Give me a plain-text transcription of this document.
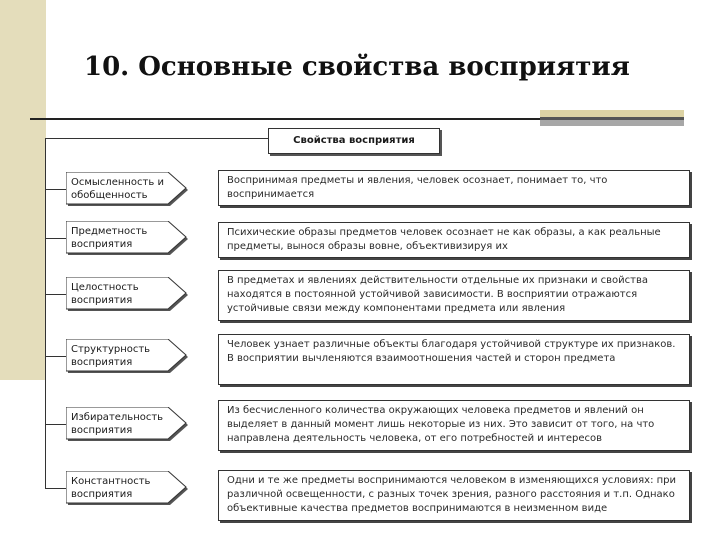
10. Основные свойства восприятия
Свойства восприятия
Осмысленность и обобщенность
Предметность восприятия
Целостность восприятия
Структурность восприятия
Избирательность восприятия
Константность восприятия
Воспринимая предметы и явления, человек осознает, понимает то, что воспринимается
Психические образы предметов человек осознает не как образы, а как реальные предметы, вынося образы вовне, объективизируя их
В предметах и явлениях действительности отдельные их признаки и свойства находятся в постоянной устойчивой зависимости. В восприятии отражаются устойчивые связи между компонентами предмета или явления
Человек узнает различные объекты благодаря устойчивой структуре их признаков. В восприятии вычленяются взаимоотношения частей и сторон предмета
Из бесчисленного количества окружающих человека предметов и явлений он выделяет в данный момент лишь некоторые из них. Это зависит от того, на что направлена деятельность человека, от его потребностей и интересов
Одни и те же предметы воспринимаются человеком в изменяющихся условиях: при различной освещенности, с разных точек зрения, разного расстояния и т.п. Однако объективные качества предметов воспринимаются в неизменном виде
